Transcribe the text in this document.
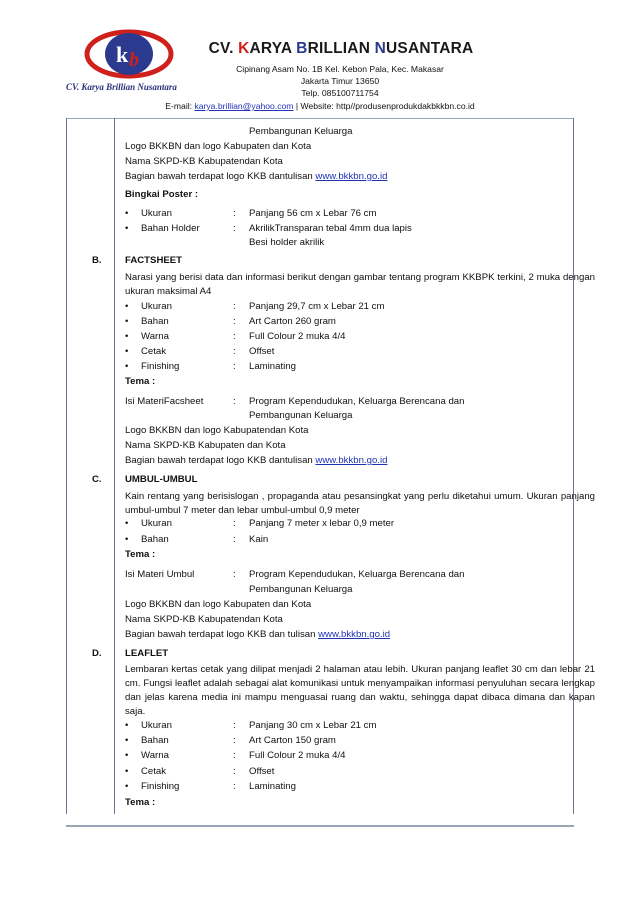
k b
CV. Karya Brillian Nusantara
CV. KARYA BRILLIAN NUSANTARA
Cipinang Asam No. 1B Kel. Kebon Pala, Kec. Makasar
Jakarta Timur 13650
Telp. 085100711754
E-mail: karya.brillian@yahoo.com | Website: http//produsenprodukdakbkkbn.co.id
Pembangunan Keluarga
Logo BKKBN dan logo Kabupaten dan Kota
Nama SKPD-KB Kabupatendan Kota
Bagian bawah terdapat logo KKB dantulisan www.bkkbn.go.id
Bingkai Poster :
• Ukuran	: Panjang 56 cm x Lebar 76 cm
• Bahan Holder	: AkrilikTransparan tebal 4mm dua lapis
Besi holder akrilik
B. FACTSHEET
Narasi yang berisi data dan informasi berikut dengan gambar tentang program KKBPK terkini, 2 muka dengan ukuran maksimal A4
• Ukuran	: Panjang 29,7 cm x Lebar 21 cm
• Bahan	: Art Carton 260 gram
• Warna	: Full Colour 2 muka 4/4
• Cetak	: Offset
• Finishing	: Laminating
Tema :
Isi MateriFacsheet	: Program Kependudukan, Keluarga Berencana dan
Pembangunan Keluarga
Logo BKKBN dan logo Kabupatendan Kota
Nama SKPD-KB Kabupaten dan Kota
Bagian bawah terdapat logo KKB dantulisan www.bkkbn.go.id
C. UMBUL-UMBUL
Kain rentang yang berisislogan , propaganda atau pesansingkat yang perlu diketahui umum. Ukuran panjang umbul-umbul 7 meter dan lebar umbul-umbul 0,9 meter
• Ukuran	: Panjang 7 meter x lebar 0,9 meter
• Bahan	: Kain
Tema :
Isi Materi Umbul	: Program Kependudukan, Keluarga Berencana dan
Pembangunan Keluarga
Logo BKKBN dan logo Kabupaten dan Kota
Nama SKPD-KB Kabupatendan Kota
Bagian bawah terdapat logo KKB dan tulisan www.bkkbn.go.id
D. LEAFLET
Lembaran kertas cetak yang dilipat menjadi 2 halaman atau lebih. Ukuran panjang leaflet 30 cm dan lebar 21 cm. Fungsi leaflet adalah sebagai alat komunikasi untuk menyampaikan informasi penyuluhan secara lengkap dan jelas karena media ini mampu menguasai ruang dan waktu, sehingga dapat dibaca dimana dan kapan saja.
• Ukuran	: Panjang 30 cm x Lebar 21 cm
• Bahan	: Art Carton 150 gram
• Warna	: Full Colour 2 muka 4/4
• Cetak	: Offset
• Finishing	: Laminating
Tema :
